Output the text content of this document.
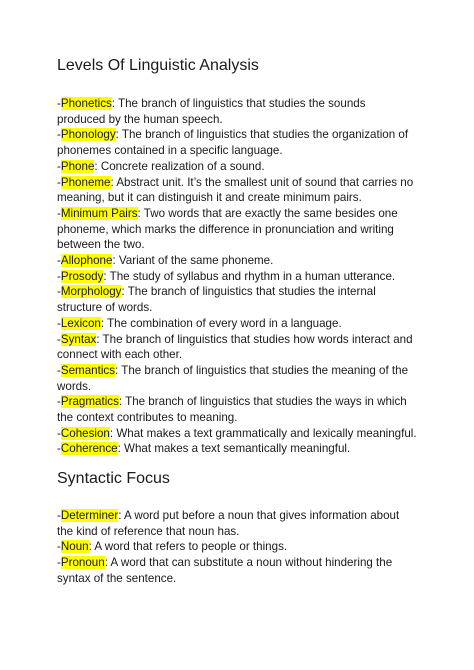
Levels Of Linguistic Analysis

-Phonetics: The branch of linguistics that studies the sounds produced by the human speech.

-Phonology: The branch of linguistics that studies the organization of phonemes contained in a specific language.

-Phone: Concrete realization of a sound.

-Phoneme: Abstract unit. It’s the smallest unit of sound that carries no meaning, but it can distinguish it and create minimum pairs.

-Minimum Pairs: Two words that are exactly the same besides one phoneme, which marks the difference in pronunciation and writing between the two.

-Allophone: Variant of the same phoneme.

-Prosody: The study of syllabus and rhythm in a human utterance.

-Morphology: The branch of linguistics that studies the internal structure of words.

-Lexicon: The combination of every word in a language.

-Syntax: The branch of linguistics that studies how words interact and connect with each other.

-Semantics: The branch of linguistics that studies the meaning of the words.

-Pragmatics: The branch of linguistics that studies the ways in which the context contributes to meaning.

-Cohesion: What makes a text grammatically and lexically meaningful.

-Coherence: What makes a text semantically meaningful.

Syntactic Focus

-Determiner: A word put before a noun that gives information about the kind of reference that noun has.

-Noun: A word that refers to people or things.

-Pronoun: A word that can substitute a noun without hindering the syntax of the sentence.
